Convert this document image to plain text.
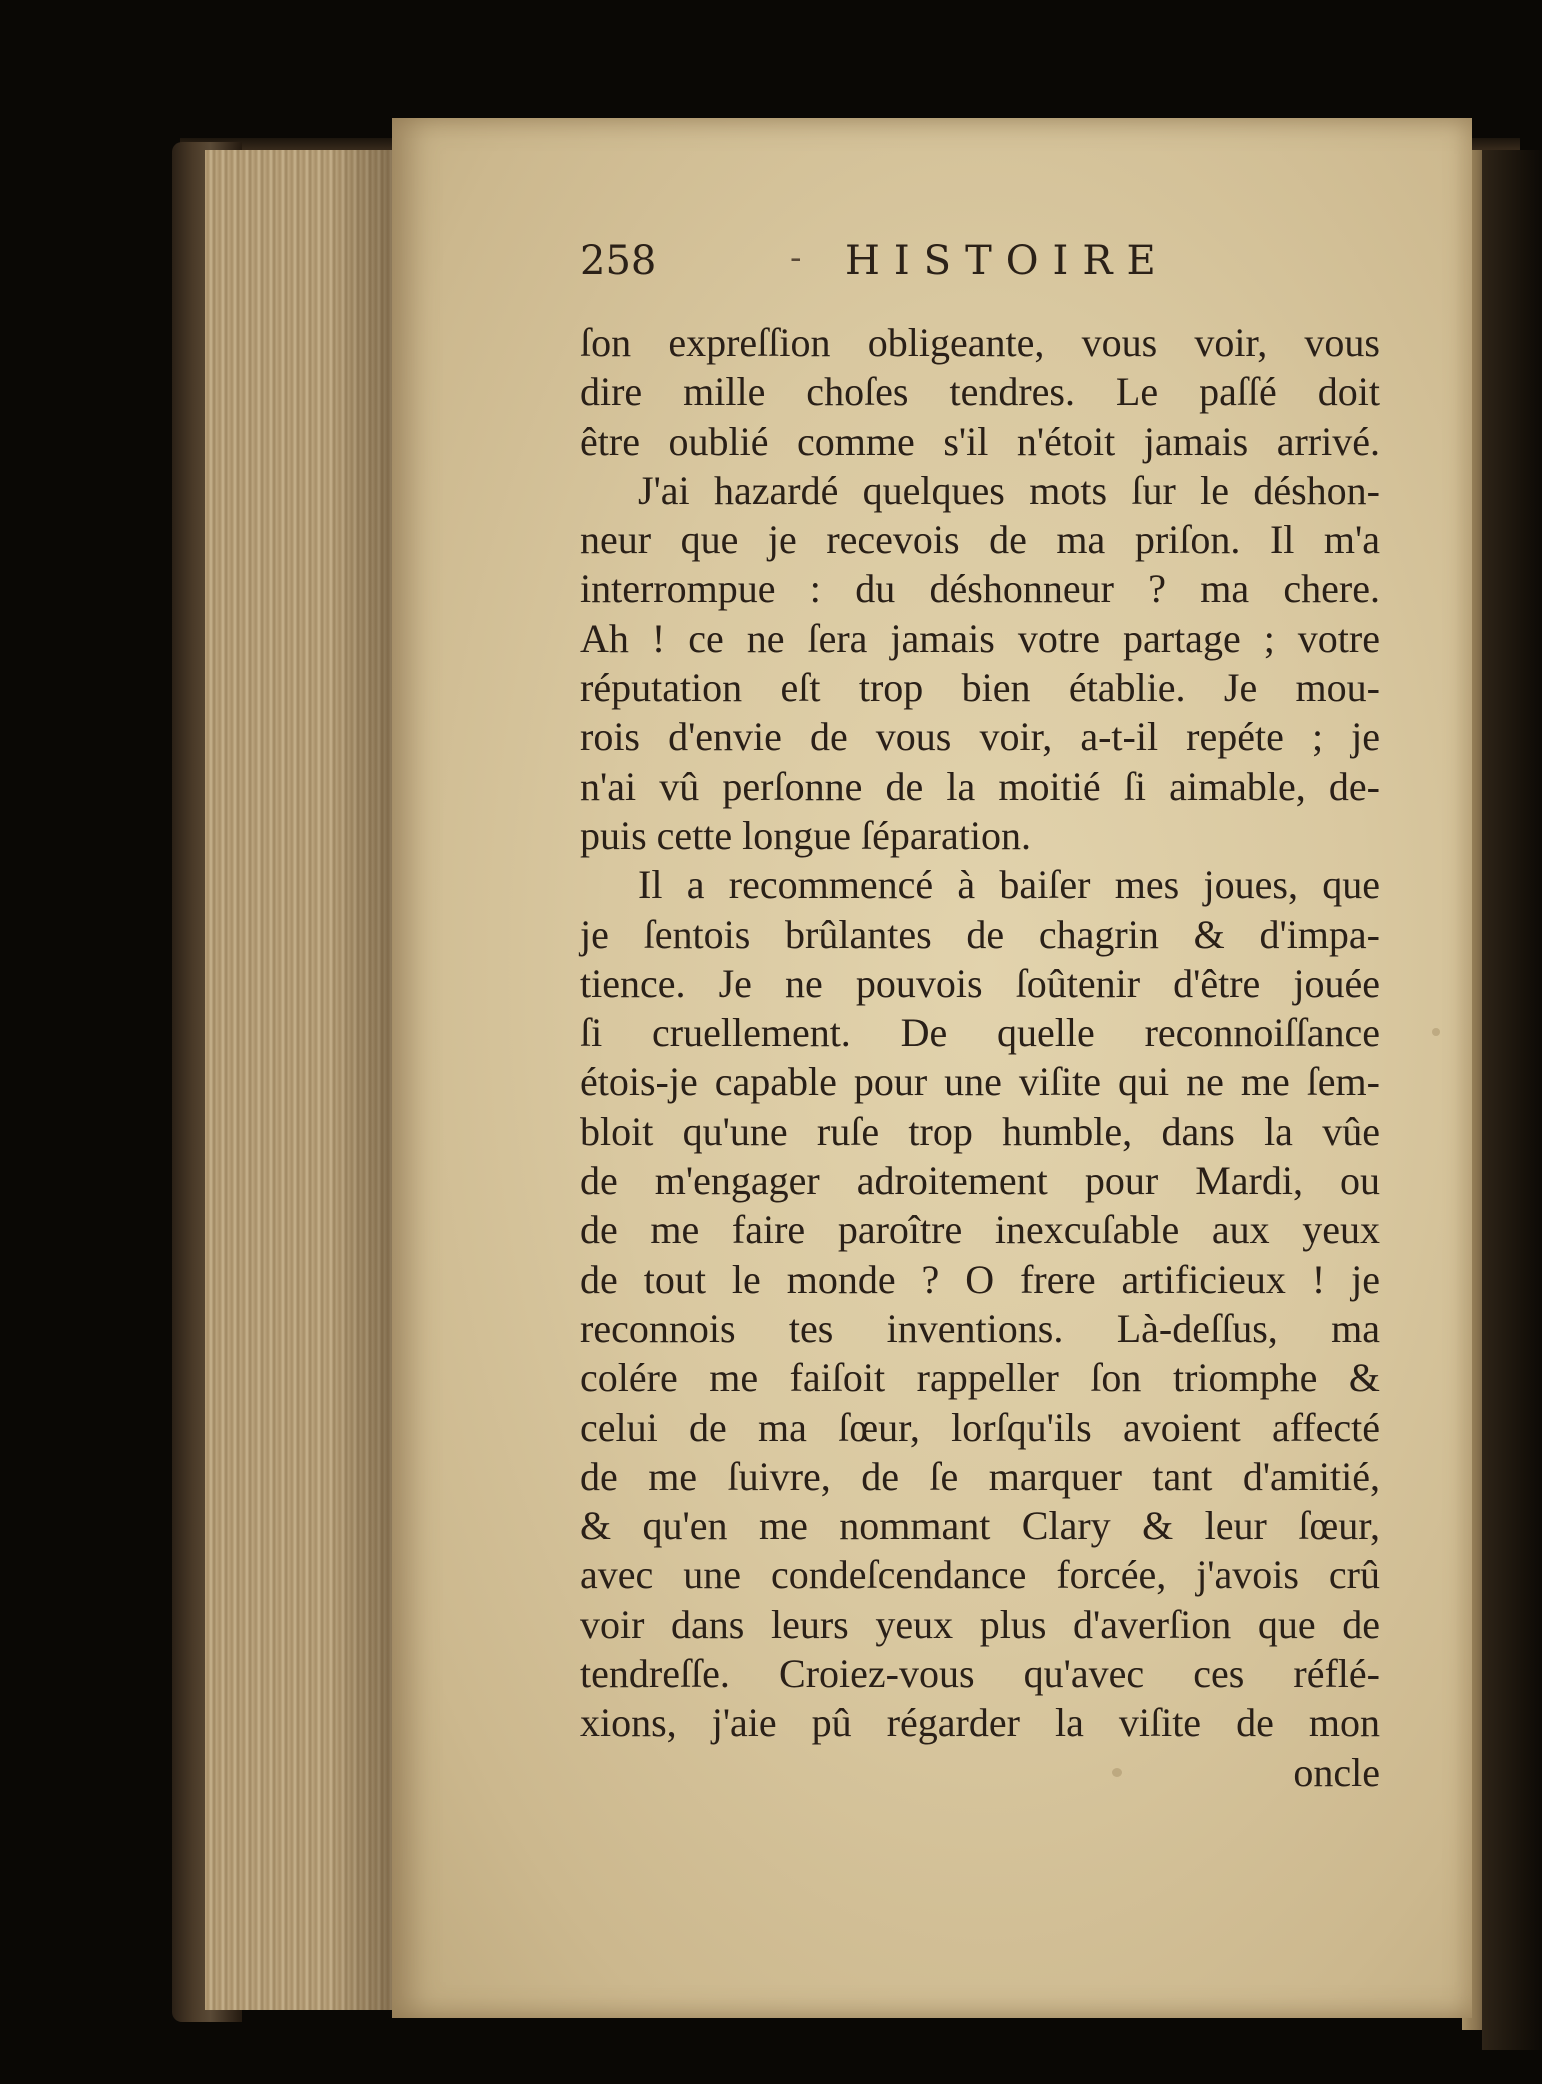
258	- HISTOIRE
ſon expreſſion obligeante, vous voir, vous
dire mille choſes tendres. Le paſſé doit
être oublié comme s'il n'étoit jamais arrivé.
J'ai hazardé quelques mots ſur le déshon-
neur que je recevois de ma priſon. Il m'a
interrompue : du déshonneur ? ma chere.
Ah ! ce ne ſera jamais votre partage ; votre
réputation eſt trop bien établie. Je mou-
rois d'envie de vous voir, a-t-il repéte ; je
n'ai vû perſonne de la moitié ſi aimable, de-
puis cette longue ſéparation.
Il a recommencé à baiſer mes joues, que
je ſentois brûlantes de chagrin & d'impa-
tience. Je ne pouvois ſoûtenir d'être jouée
ſi cruellement. De quelle reconnoiſſance
étois-je capable pour une viſite qui ne me ſem-
bloit qu'une ruſe trop humble, dans la vûe
de m'engager adroitement pour Mardi, ou
de me faire paroître inexcuſable aux yeux
de tout le monde ? O frere artificieux ! je
reconnois tes inventions. Là-deſſus, ma
colére me faiſoit rappeller ſon triomphe &
celui de ma ſœur, lorſqu'ils avoient affecté
de me ſuivre, de ſe marquer tant d'amitié,
& qu'en me nommant Clary & leur ſœur,
avec une condeſcendance forcée, j'avois crû
voir dans leurs yeux plus d'averſion que de
tendreſſe. Croiez-vous qu'avec ces réflé-
xions, j'aie pû régarder la viſite de mon
oncle
